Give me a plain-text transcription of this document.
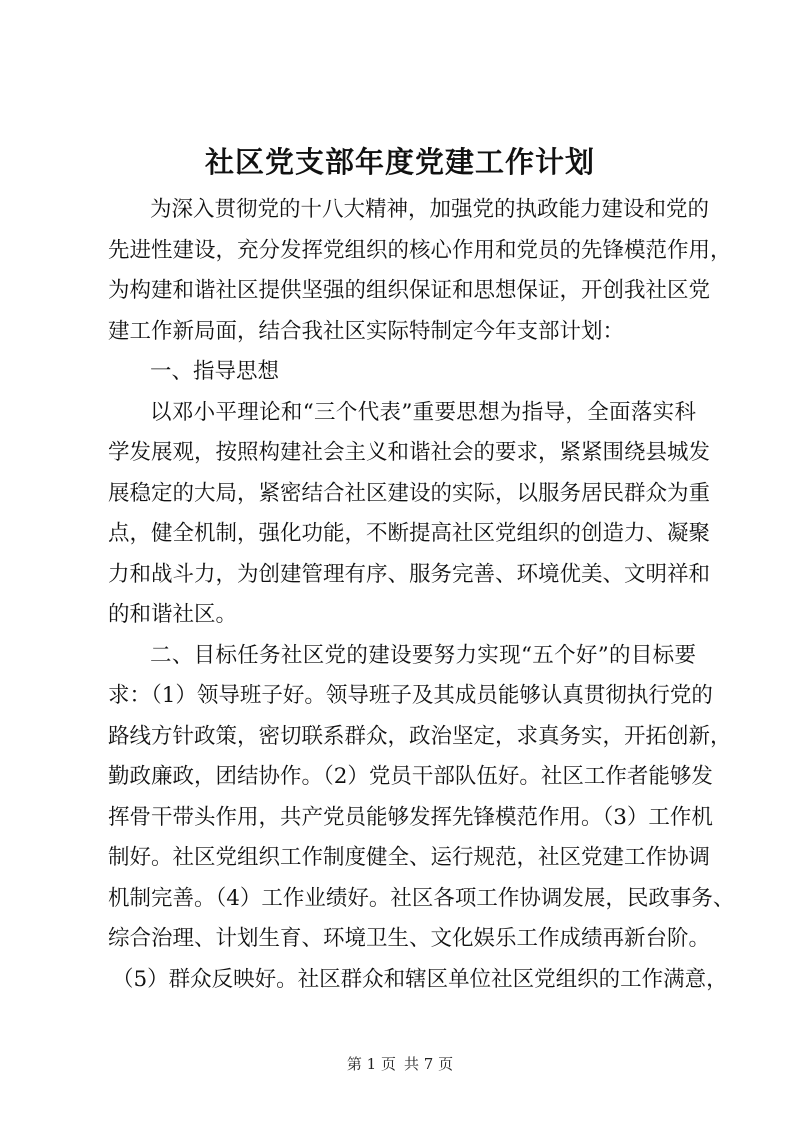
社区党支部年度党建工作计划
为深入贯彻党的十八大精神，加强党的执政能力建设和党的
先进性建设，充分发挥党组织的核心作用和党员的先锋模范作用，
为构建和谐社区提供坚强的组织保证和思想保证，开创我社区党
建工作新局面，结合我社区实际特制定今年支部计划：
一、指导思想
以邓小平理论和“三个代表”重要思想为指导，全面落实科
学发展观，按照构建社会主义和谐社会的要求，紧紧围绕县城发
展稳定的大局，紧密结合社区建设的实际，以服务居民群众为重
点，健全机制，强化功能，不断提高社区党组织的创造力、凝聚
力和战斗力，为创建管理有序、服务完善、环境优美、文明祥和
的和谐社区。
二、目标任务社区党的建设要努力实现“五个好”的目标要
求：（1）领导班子好。领导班子及其成员能够认真贯彻执行党的
路线方针政策，密切联系群众，政治坚定，求真务实，开拓创新，
勤政廉政，团结协作。（2）党员干部队伍好。社区工作者能够发
挥骨干带头作用，共产党员能够发挥先锋模范作用。（3）工作机
制好。社区党组织工作制度健全、运行规范，社区党建工作协调
机制完善。（4）工作业绩好。社区各项工作协调发展，民政事务、
综合治理、计划生育、环境卫生、文化娱乐工作成绩再新台阶。
（5）群众反映好。社区群众和辖区单位社区党组织的工作满意，
第 1 页 共 7 页
